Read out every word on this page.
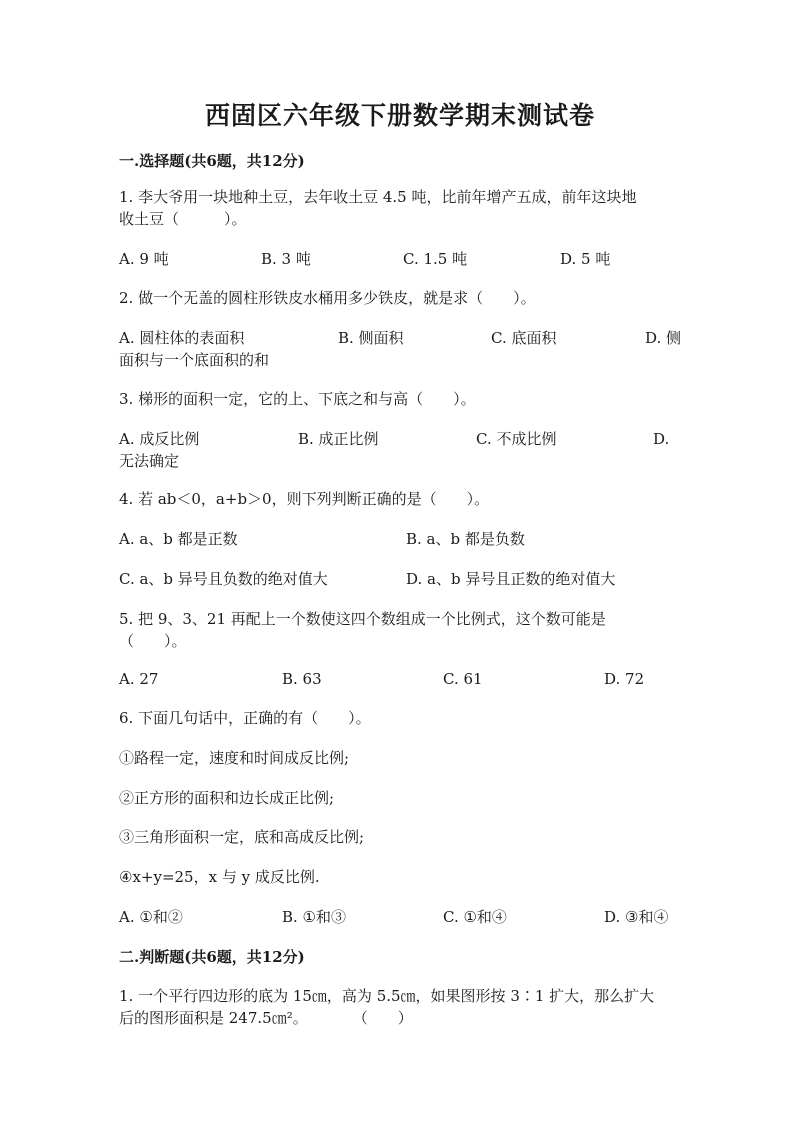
西固区六年级下册数学期末测试卷
一.选择题(共6题，共12分)
1. 李大爷用一块地种土豆，去年收土豆 4.5 吨，比前年增产五成，前年这块地
收土豆（　　　）。
A. 9 吨	B. 3 吨	C. 1.5 吨	D. 5 吨
2. 做一个无盖的圆柱形铁皮水桶用多少铁皮，就是求（　　）。
A. 圆柱体的表面积	B. 侧面积	C. 底面积	D. 侧
面积与一个底面积的和
3. 梯形的面积一定，它的上、下底之和与高（　　）。
A. 成反比例	B. 成正比例	C. 不成比例	D.
无法确定
4. 若 ab＜0，a+b＞0，则下列判断正确的是（　　）。
A. a、b 都是正数	B. a、b 都是负数
C. a、b 异号且负数的绝对值大	D. a、b 异号且正数的绝对值大
5. 把 9、3、21 再配上一个数使这四个数组成一个比例式，这个数可能是
（　　）。
A. 27	B. 63	C. 61	D. 72
6. 下面几句话中，正确的有（　　）。
①路程一定，速度和时间成反比例;
②正方形的面积和边长成正比例;
③三角形面积一定，底和高成反比例;
④x+y=25，x 与 y 成反比例.
A. ①和②	B. ①和③	C. ①和④	D. ③和④
二.判断题(共6题，共12分)
1. 一个平行四边形的底为 15㎝，高为 5.5㎝，如果图形按 3∶1 扩大，那么扩大
后的图形面积是 247.5㎝²。　　　　（　　）
